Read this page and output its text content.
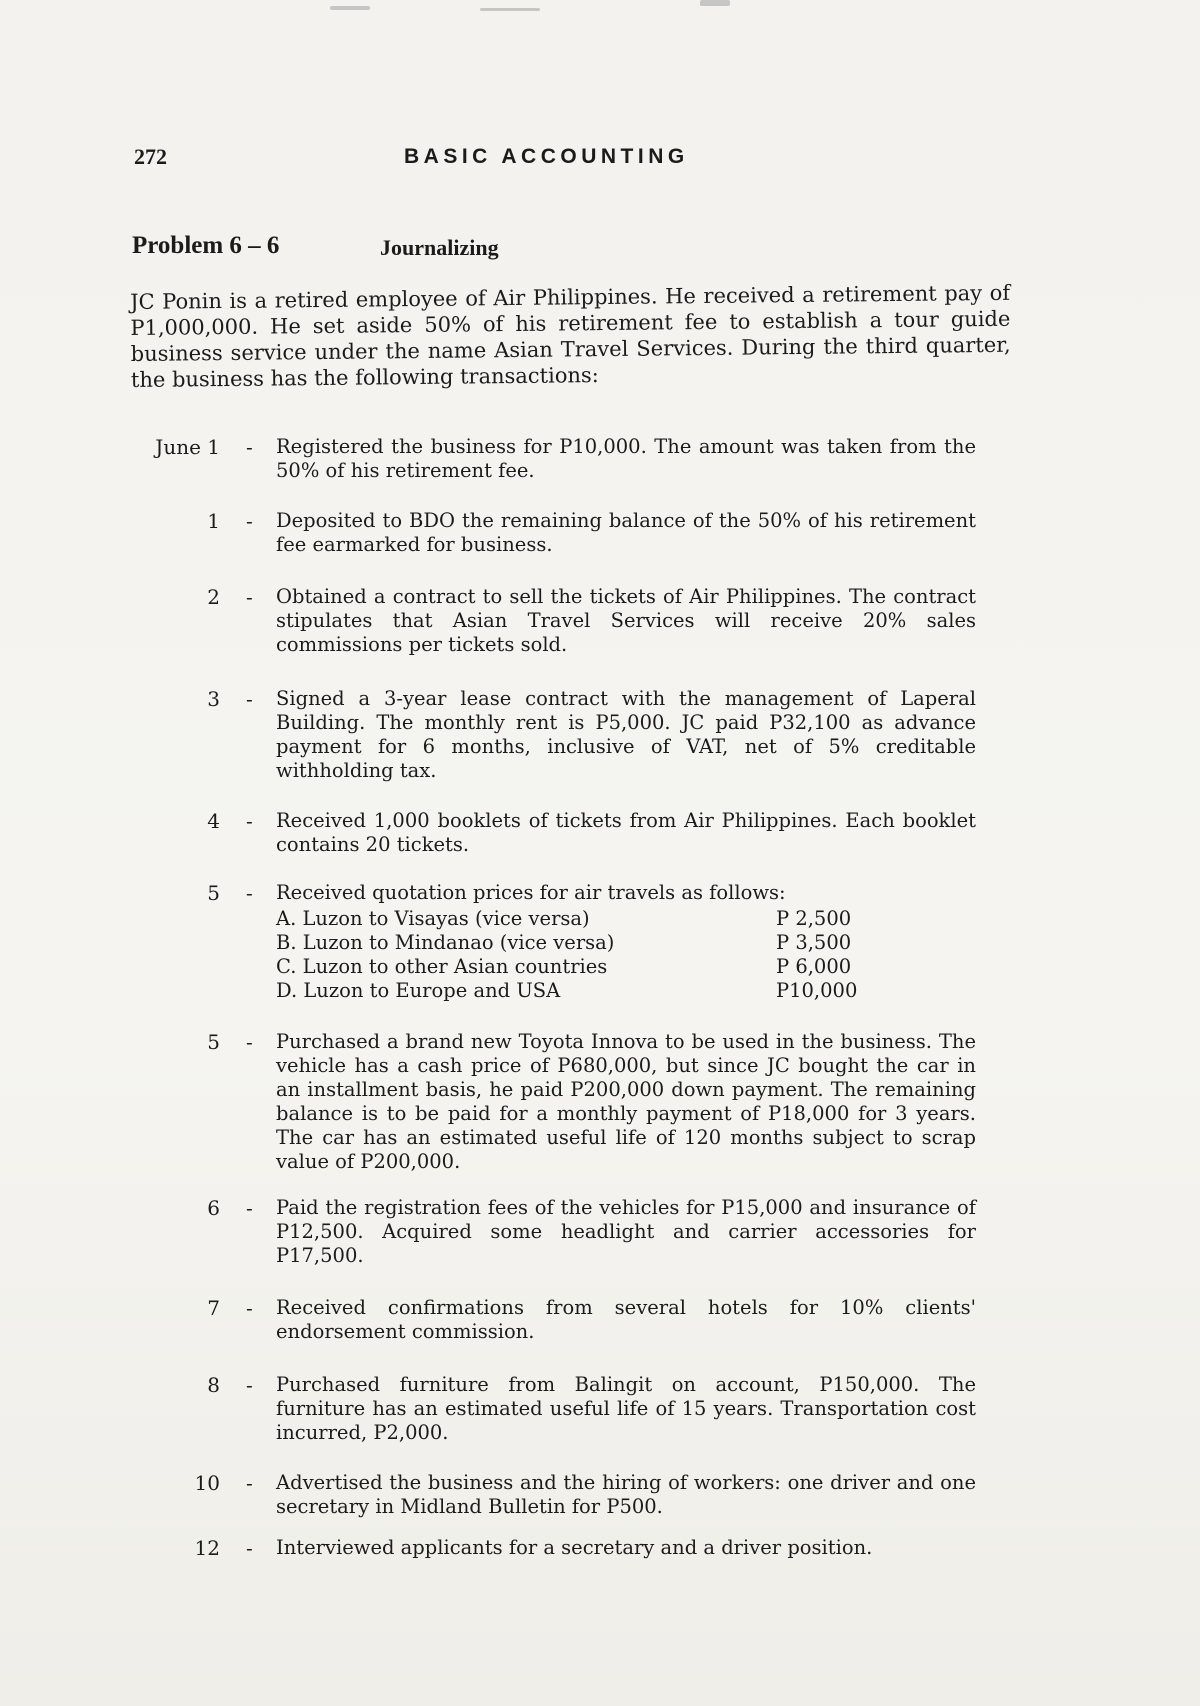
272	BASIC ACCOUNTING
Problem 6 – 6	Journalizing
JC Ponin is a retired employee of Air Philippines. He received a retirement pay of P1,000,000. He set aside 50% of his retirement fee to establish a tour guide business service under the name Asian Travel Services. During the third quarter, the business has the following transactions:
June 1 - Registered the business for P10,000. The amount was taken from the 50% of his retirement fee.
1 - Deposited to BDO the remaining balance of the 50% of his retirement fee earmarked for business.
2 - Obtained a contract to sell the tickets of Air Philippines. The contract stipulates that Asian Travel Services will receive 20% sales commissions per tickets sold.
3 - Signed a 3-year lease contract with the management of Laperal Building. The monthly rent is P5,000. JC paid P32,100 as advance payment for 6 months, inclusive of VAT, net of 5% creditable withholding tax.
4 - Received 1,000 booklets of tickets from Air Philippines. Each booklet contains 20 tickets.
5 - Received quotation prices for air travels as follows:
A. Luzon to Visayas (vice versa)	P 2,500
B. Luzon to Mindanao (vice versa)	P 3,500
C. Luzon to other Asian countries	P 6,000
D. Luzon to Europe and USA	P10,000
5 - Purchased a brand new Toyota Innova to be used in the business. The vehicle has a cash price of P680,000, but since JC bought the car in an installment basis, he paid P200,000 down payment. The remaining balance is to be paid for a monthly payment of P18,000 for 3 years. The car has an estimated useful life of 120 months subject to scrap value of P200,000.
6 - Paid the registration fees of the vehicles for P15,000 and insurance of P12,500. Acquired some headlight and carrier accessories for P17,500.
7 - Received confirmations from several hotels for 10% clients' endorsement commission.
8 - Purchased furniture from Balingit on account, P150,000. The furniture has an estimated useful life of 15 years. Transportation cost incurred, P2,000.
10 - Advertised the business and the hiring of workers: one driver and one secretary in Midland Bulletin for P500.
12 - Interviewed applicants for a secretary and a driver position.
